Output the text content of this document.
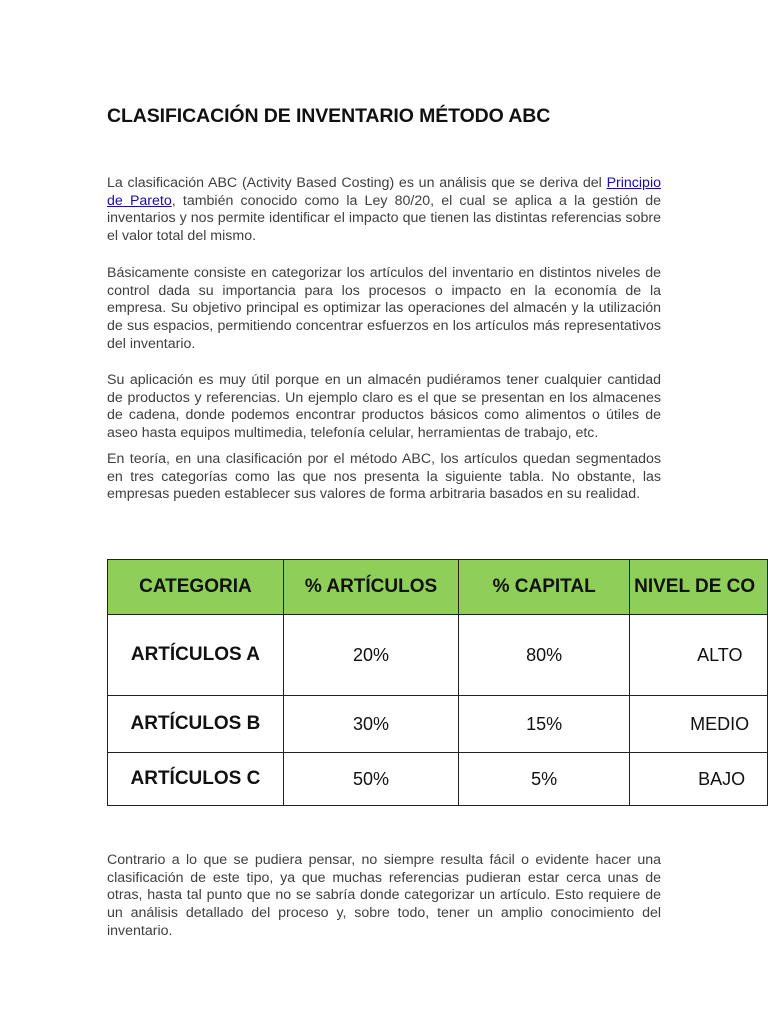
CLASIFICACIÓN DE INVENTARIO MÉTODO ABC

La clasificación ABC (Activity Based Costing) es un análisis que se deriva del Principio de Pareto, también conocido como la Ley 80/20, el cual se aplica a la gestión de inventarios y nos permite identificar el impacto que tienen las distintas referencias sobre el valor total del mismo.

Básicamente consiste en categorizar los artículos del inventario en distintos niveles de control dada su importancia para los procesos o impacto en la economía de la empresa. Su objetivo principal es optimizar las operaciones del almacén y la utilización de sus espacios, permitiendo concentrar esfuerzos en los artículos más representativos del inventario.

Su aplicación es muy útil porque en un almacén pudiéramos tener cualquier cantidad de productos y referencias. Un ejemplo claro es el que se presentan en los almacenes de cadena, donde podemos encontrar productos básicos como alimentos o útiles de aseo hasta equipos multimedia, telefonía celular, herramientas de trabajo, etc.

En teoría, en una clasificación por el método ABC, los artículos quedan segmentados en tres categorías como las que nos presenta la siguiente tabla. No obstante, las empresas pueden establecer sus valores de forma arbitraria basados en su realidad.

CATEGORIA	% ARTÍCULOS	% CAPITAL	NIVEL DE CO
ARTÍCULOS A	20%	80%	ALTO
ARTÍCULOS B	30%	15%	MEDIO
ARTÍCULOS C	50%	5%	BAJO

Contrario a lo que se pudiera pensar, no siempre resulta fácil o evidente hacer una clasificación de este tipo, ya que muchas referencias pudieran estar cerca unas de otras, hasta tal punto que no se sabría donde categorizar un artículo. Esto requiere de un análisis detallado del proceso y, sobre todo, tener un amplio conocimiento del inventario.
